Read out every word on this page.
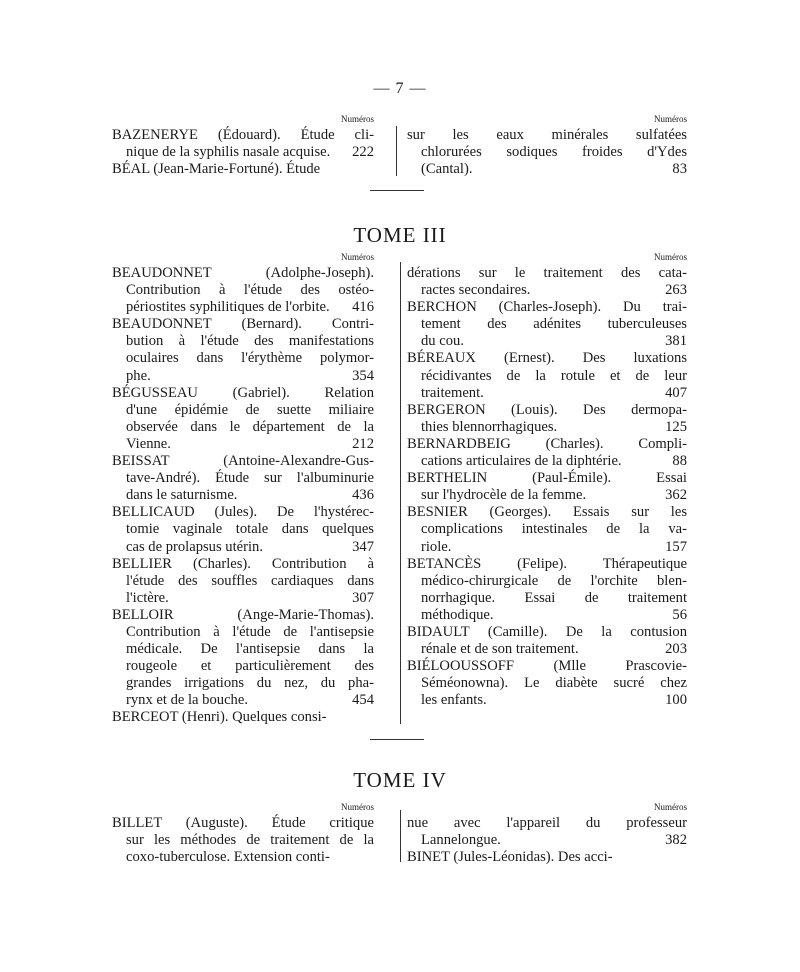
— 7 —
Numéros
BAZENERYE (Édouard). Étude cli-
222
nique de la syphilis nasale acquise.
BÉAL (Jean-Marie-Fortuné). Étude
Numéros
sur les eaux minérales sulfatées
chlorurées sodiques froides d'Ydes
83
(Cantal).
TOME III
Numéros
BEAUDONNET (Adolphe-Joseph).
Contribution à l'étude des ostéo-
416
périostites syphilitiques de l'orbite.
BEAUDONNET (Bernard). Contri-
bution à l'étude des manifestations
oculaires dans l'érythème polymor-
354
phe.
BÉGUSSEAU (Gabriel). Relation
d'une épidémie de suette miliaire
observée dans le département de la
212
Vienne.
BEISSAT (Antoine-Alexandre-Gus-
tave-André). Étude sur l'albuminurie
436
dans le saturnisme.
BELLICAUD (Jules). De l'hystérec-
tomie vaginale totale dans quelques
347
cas de prolapsus utérin.
BELLIER (Charles). Contribution à
l'étude des souffles cardiaques dans
307
l'ictère.
BELLOIR (Ange-Marie-Thomas).
Contribution à l'étude de l'antisepsie
médicale. De l'antisepsie dans la
rougeole et particulièrement des
grandes irrigations du nez, du pha-
454
rynx et de la bouche.
BERCEOT (Henri). Quelques consi-
Numéros
dérations sur le traitement des cata-
263
ractes secondaires.
BERCHON (Charles-Joseph). Du trai-
tement des adénites tuberculeuses
381
du cou.
BÉREAUX (Ernest). Des luxations
récidivantes de la rotule et de leur
407
traitement.
BERGERON (Louis). Des dermopa-
125
thies blennorrhagiques.
BERNARDBEIG (Charles). Compli-
88
cations articulaires de la diphtérie.
BERTHELIN (Paul-Émile). Essai
362
sur l'hydrocèle de la femme.
BESNIER (Georges). Essais sur les
complications intestinales de la va-
157
riole.
BETANCÈS (Felipe). Thérapeutique
médico-chirurgicale de l'orchite blen-
norrhagique. Essai de traitement
56
méthodique.
BIDAULT (Camille). De la contusion
203
rénale et de son traitement.
BIÉLOOUSSOFF (Mlle Prascovie-
Séméonowna). Le diabète sucré chez
100
les enfants.
TOME IV
Numéros
BILLET (Auguste). Étude critique
sur les méthodes de traitement de la
coxo-tuberculose. Extension conti-
Numéros
nue avec l'appareil du professeur
382
Lannelongue.
BINET (Jules-Léonidas). Des acci-
